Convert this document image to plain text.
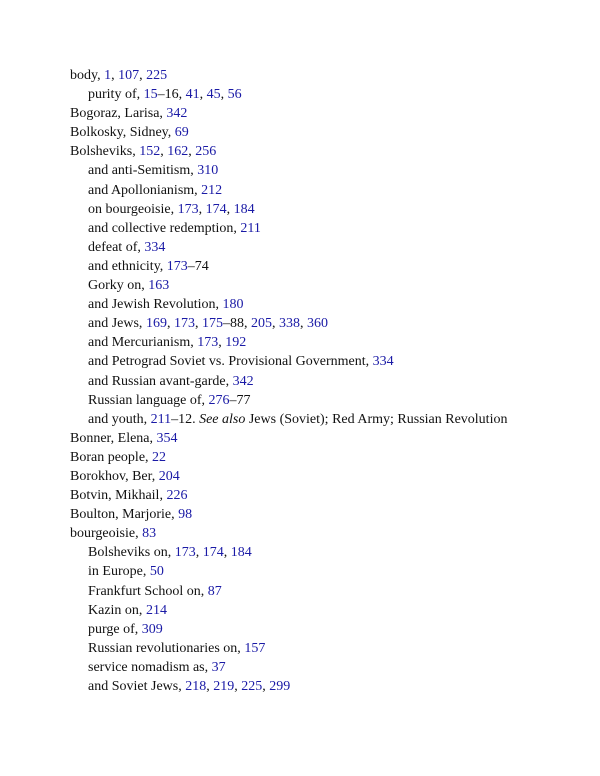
body, 1, 107, 225
purity of, 15–16, 41, 45, 56
Bogoraz, Larisa, 342
Bolkosky, Sidney, 69
Bolsheviks, 152, 162, 256
and anti-Semitism, 310
and Apollonianism, 212
on bourgeoisie, 173, 174, 184
and collective redemption, 211
defeat of, 334
and ethnicity, 173–74
Gorky on, 163
and Jewish Revolution, 180
and Jews, 169, 173, 175–88, 205, 338, 360
and Mercurianism, 173, 192
and Petrograd Soviet vs. Provisional Government, 334
and Russian avant-garde, 342
Russian language of, 276–77
and youth, 211–12. See also Jews (Soviet); Red Army; Russian Revolution
Bonner, Elena, 354
Boran people, 22
Borokhov, Ber, 204
Botvin, Mikhail, 226
Boulton, Marjorie, 98
bourgeoisie, 83
Bolsheviks on, 173, 174, 184
in Europe, 50
Frankfurt School on, 87
Kazin on, 214
purge of, 309
Russian revolutionaries on, 157
service nomadism as, 37
and Soviet Jews, 218, 219, 225, 299
